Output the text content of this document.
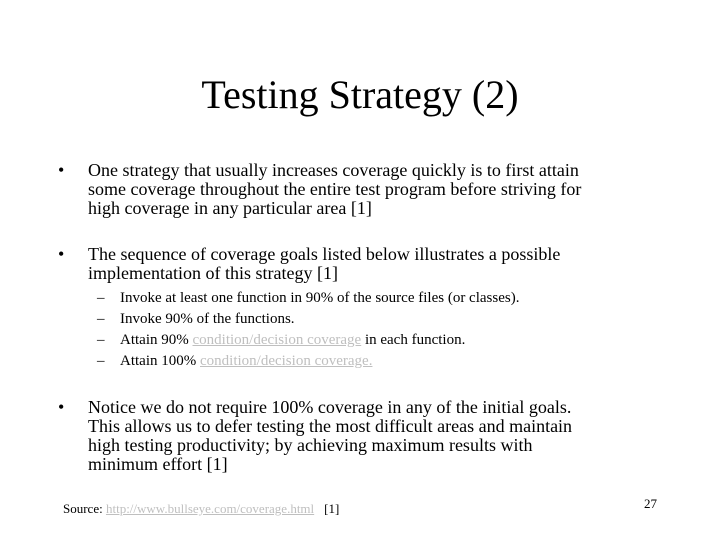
Testing Strategy (2)
• One strategy that usually increases coverage quickly is to first attain
some coverage throughout the entire test program before striving for
high coverage in any particular area [1]
• The sequence of coverage goals listed below illustrates a possible
implementation of this strategy [1]
– Invoke at least one function in 90% of the source files (or classes).
– Invoke 90% of the functions.
– Attain 90% condition/decision coverage in each function.
– Attain 100% condition/decision coverage.
• Notice we do not require 100% coverage in any of the initial goals.
This allows us to defer testing the most difficult areas and maintain
high testing productivity; by achieving maximum results with
minimum effort [1]
Source: http://www.bullseye.com/coverage.html [1]	27
